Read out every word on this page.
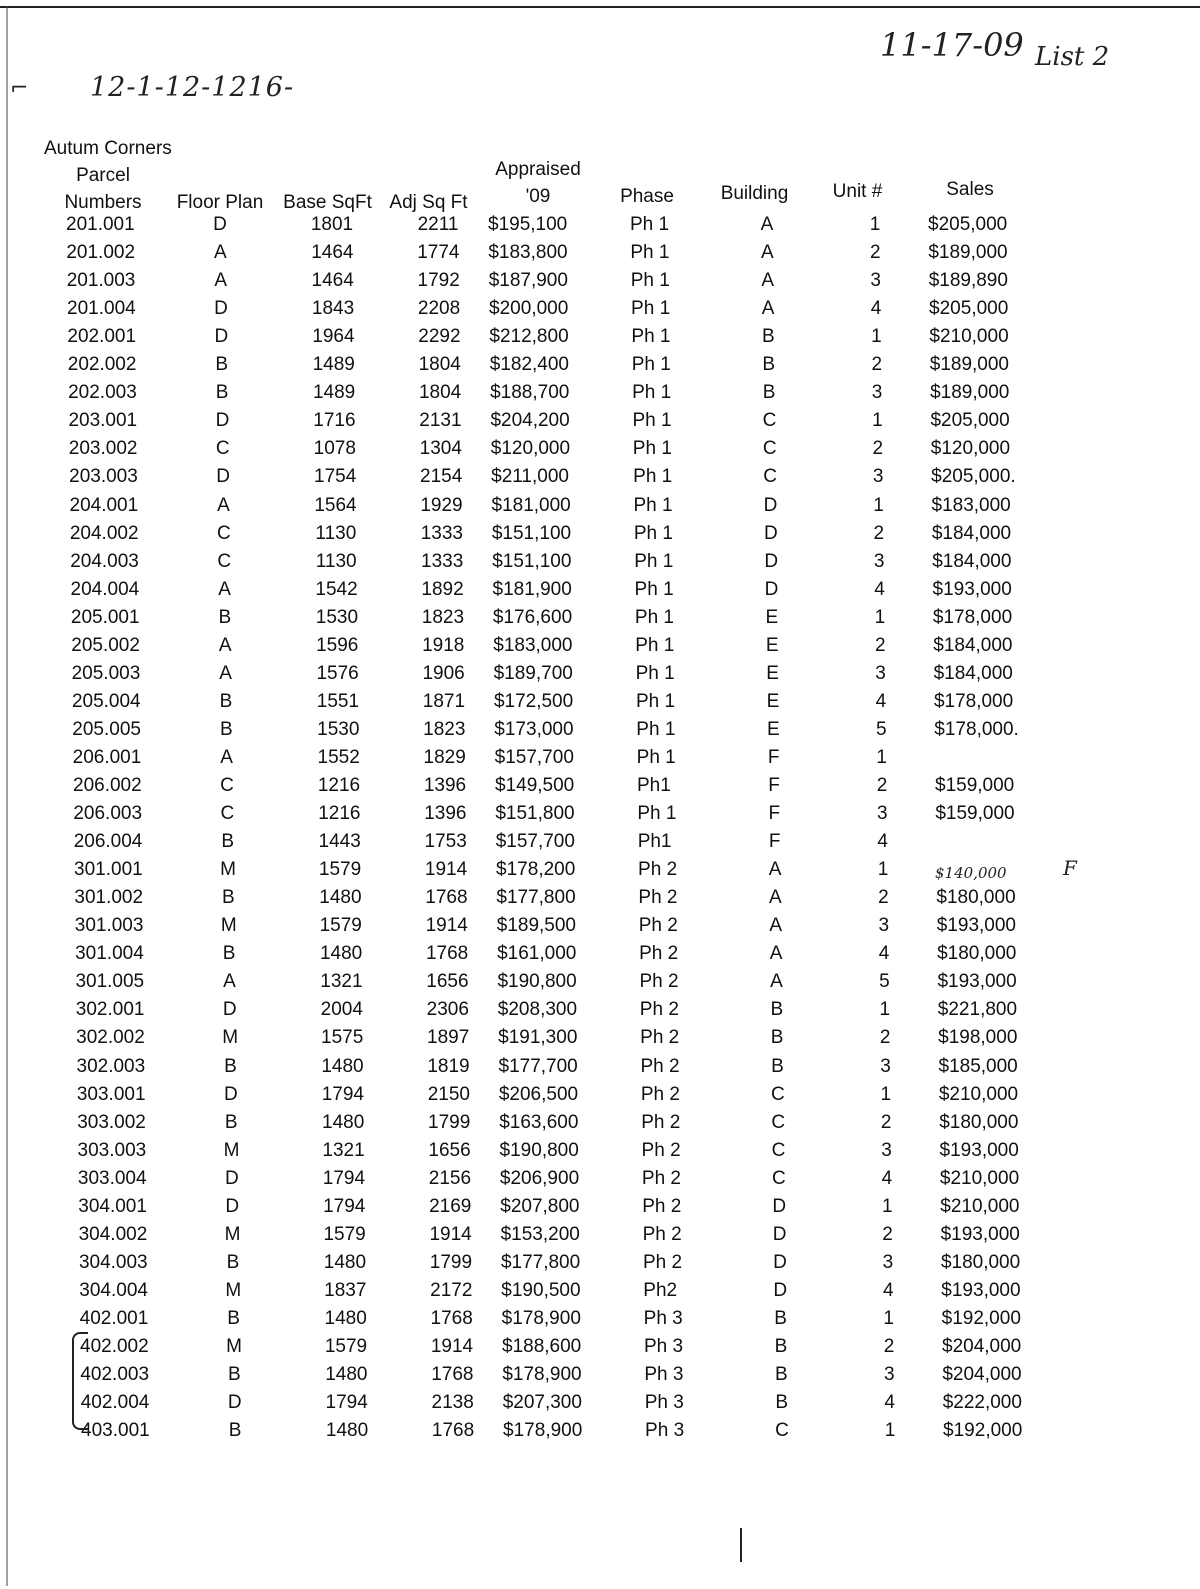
⌐ 12-1-12-1216-
11-17-09 List 2
$140,000	F
Autum Corners
Parcel
Numbers	Floor Plan	Base SqFt Adj Sq Ft
Appraised
'09	Phase	Building	Unit #	Sales
201.001	D	1801	2211	$195,100	Ph 1	A	1	$205,000
201.002	A	1464	1774	$183,800	Ph 1	A	2	$189,000
201.003	A	1464	1792	$187,900	Ph 1	A	3	$189,890
201.004	D	1843	2208	$200,000	Ph 1	A	4	$205,000
202.001	D	1964	2292	$212,800	Ph 1	B	1	$210,000
202.002	B	1489	1804	$182,400	Ph 1	B	2	$189,000
202.003	B	1489	1804	$188,700	Ph 1	B	3	$189,000
203.001	D	1716	2131	$204,200	Ph 1	C	1	$205,000
203.002	C	1078	1304	$120,000	Ph 1	C	2	$120,000
203.003	D	1754	2154	$211,000	Ph 1	C	3	$205,000.
204.001	A	1564	1929	$181,000	Ph 1	D	1	$183,000
204.002	C	1130	1333	$151,100	Ph 1	D	2	$184,000
204.003	C	1130	1333	$151,100	Ph 1	D	3	$184,000
204.004	A	1542	1892	$181,900	Ph 1	D	4	$193,000
205.001	B	1530	1823	$176,600	Ph 1	E	1	$178,000
205.002	A	1596	1918	$183,000	Ph 1	E	2	$184,000
205.003	A	1576	1906	$189,700	Ph 1	E	3	$184,000
205.004	B	1551	1871	$172,500	Ph 1	E	4	$178,000
205.005	B	1530	1823	$173,000	Ph 1	E	5	$178,000.
206.001	A	1552	1829	$157,700	Ph 1	F	1
206.002	C	1216	1396	$149,500	Ph1	F	2	$159,000
206.003	C	1216	1396	$151,800	Ph 1	F	3	$159,000
206.004	B	1443	1753	$157,700	Ph1	F	4
301.001	M	1579	1914	$178,200	Ph 2	A	1
301.002	B	1480	1768	$177,800	Ph 2	A	2	$180,000
301.003	M	1579	1914	$189,500	Ph 2	A	3	$193,000
301.004	B	1480	1768	$161,000	Ph 2	A	4	$180,000
301.005	A	1321	1656	$190,800	Ph 2	A	5	$193,000
302.001	D	2004	2306	$208,300	Ph 2	B	1	$221,800
302.002	M	1575	1897	$191,300	Ph 2	B	2	$198,000
302.003	B	1480	1819	$177,700	Ph 2	B	3	$185,000
303.001	D	1794	2150	$206,500	Ph 2	C	1	$210,000
303.002	B	1480	1799	$163,600	Ph 2	C	2	$180,000
303.003	M	1321	1656	$190,800	Ph 2	C	3	$193,000
303.004	D	1794	2156	$206,900	Ph 2	C	4	$210,000
304.001	D	1794	2169	$207,800	Ph 2	D	1	$210,000
304.002	M	1579	1914	$153,200	Ph 2	D	2	$193,000
304.003	B	1480	1799	$177,800	Ph 2	D	3	$180,000
304.004	M	1837	2172	$190,500	Ph2	D	4	$193,000
402.001	B	1480	1768	$178,900	Ph 3	B	1	$192,000
402.002	M	1579	1914	$188,600	Ph 3	B	2	$204,000
402.003	B	1480	1768	$178,900	Ph 3	B	3	$204,000
402.004	D	1794	2138	$207,300	Ph 3	B	4	$222,000
403.001	B	1480	1768	$178,900	Ph 3	C	1	$192,000
